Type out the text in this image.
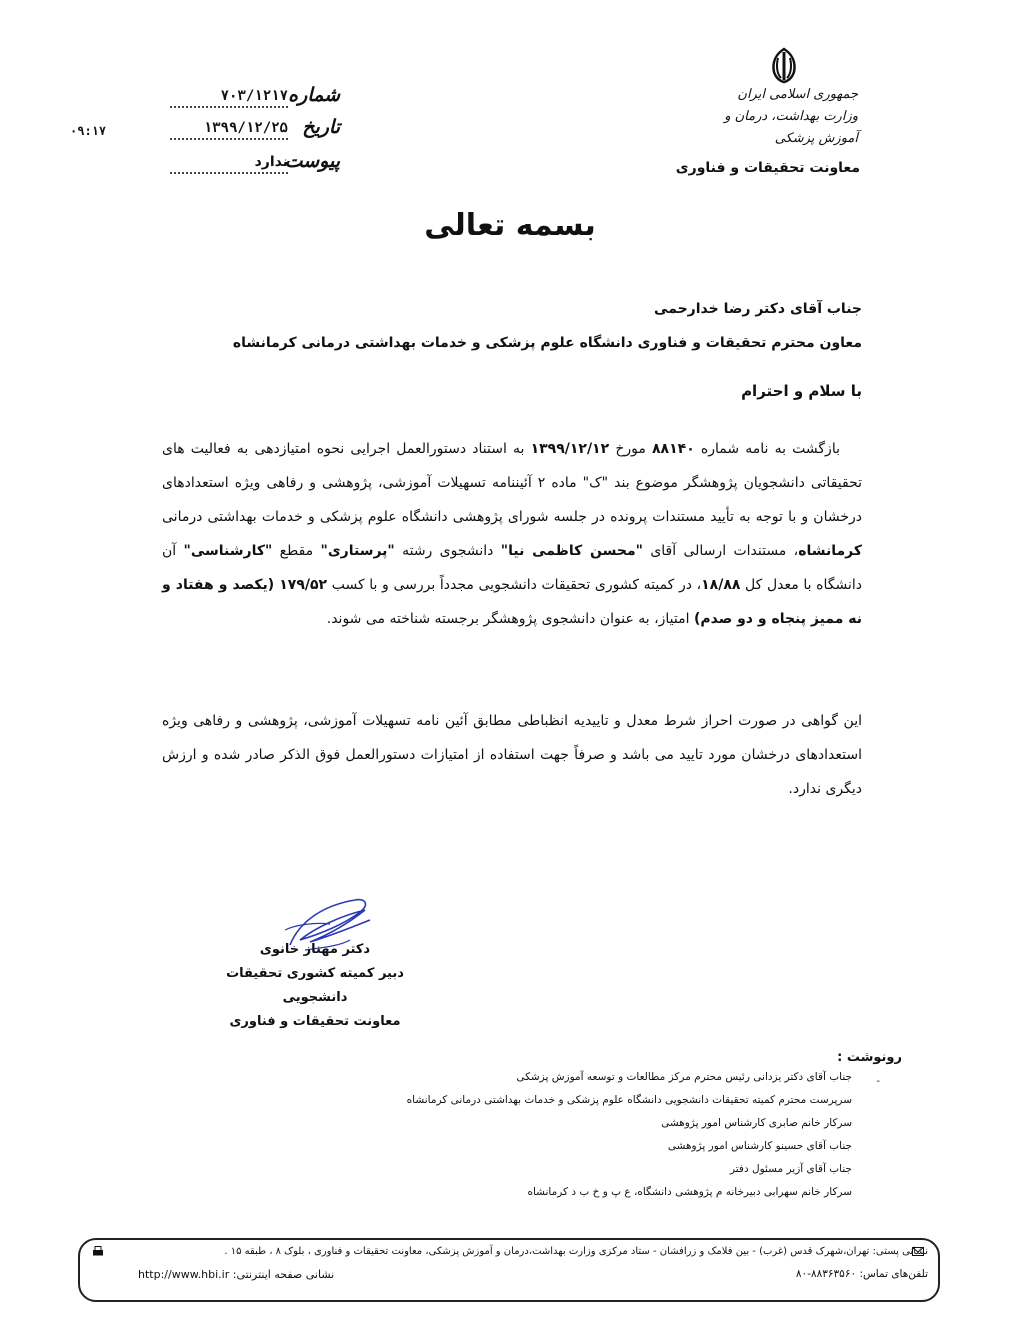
جمهوری اسلامی ایران
وزارت بهداشت، درمان و آموزش پزشکی
معاونت تحقیقات و فناوری
شماره
۷۰۳/۱۲۱۷
تاریخ
۱۳۹۹/۱۲/۲۵
پیوست
ندارد
۰۹:۱۷
بسمه تعالی
جناب آقای دکتر رضا خدارحمی
معاون محترم تحقیقات و فناوری دانشگاه علوم پزشکی و خدمات بهداشتی درمانی کرمانشاه
با سلام و احترام
بازگشت به نامه شماره ۸۸۱۴۰ مورخ ۱۳۹۹/۱۲/۱۲ به استناد دستورالعمل اجرایی نحوه امتیازدهی به فعالیت های تحقیقاتی دانشجویان پژوهشگر موضوع بند "ک" ماده ۲ آئیننامه تسهیلات آموزشی، پژوهشی و رفاهی ویژه استعدادهای درخشان و با توجه به تأیید مستندات پرونده در جلسه شورای پژوهشی دانشگاه علوم پزشکی و خدمات بهداشتی درمانی کرمانشاه، مستندات ارسالی آقای "محسن کاظمی نیا" دانشجوی رشته "پرستاری" مقطع "کارشناسی" آن دانشگاه با معدل کل ۱۸/۸۸، در کمیته کشوری تحقیقات دانشجویی مجدداً بررسی و با کسب ۱۷۹/۵۲ (یکصد و هفتاد و نه ممیز پنجاه و دو صدم) امتیاز، به عنوان دانشجوی پژوهشگر برجسته شناخته می شوند.
این گواهی در صورت احراز شرط معدل و تاییدیه انظباطی مطابق آئین نامه تسهیلات آموزشی، پژوهشی و رفاهی ویژه استعدادهای درخشان مورد تایید می باشد و صرفاً جهت استفاده از امتیازات دستورالعمل فوق الذکر صادر شده و ارزش دیگری ندارد.
دکتر مهناز خانوی
دبیر کمیته کشوری تحقیقات دانشجویی
معاونت تحقیقات و فناوری
رونوشت :
-
جناب آقای دکتر یزدانی رئیس محترم مرکز مطالعات و توسعه آموزش پزشکی
سرپرست محترم کمیته تحقیقات دانشجویی دانشگاه علوم پزشکی و خدمات بهداشتی درمانی کرمانشاه
سرکار خانم صابری کارشناس امور پژوهشی
جناب آقای حسینو کارشناس امور پژوهشی
جناب آقای آزیر مسئول دفتر
سرکار خانم سهرابی دبیرخانه م پژوهشی دانشگاه، ع پ و خ ب د کرمانشاه
نشانی پستی: تهران،شهرک قدس (غرب) - بین فلامک و زرافشان - ستاد مرکزی وزارت بهداشت،درمان و آموزش پزشکی، معاونت تحقیقات و فناوری ، بلوک ۸ ، طبقه ۱۵ .
تلفن‌های تماس: ۸۸۳۶۳۵۶۰-۸۰
نشانی صفحه اینترنتی: http://www.hbi.ir
